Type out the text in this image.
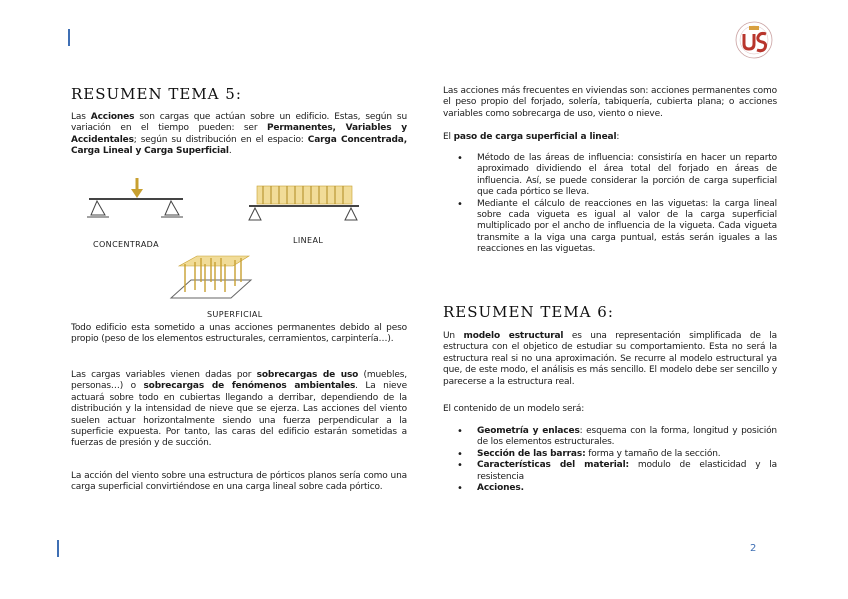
RESUMEN TEMA 5:

Las Acciones son cargas que actúan sobre un edificio. Estas, según su variación en el tiempo pueden: ser Permanentes, Variables y Accidentales; según su distribución en el espacio: Carga Concentrada, Carga Lineal y Carga Superficial.

CONCENTRADA	LINEAL
SUPERFICIAL

Todo edificio esta sometido a unas acciones permanentes debido al peso propio (peso de los elementos estructurales, cerramientos, carpintería…).

Las cargas variables vienen dadas por sobrecargas de uso (muebles, personas…) o sobrecargas de fenómenos ambientales. La nieve actuará sobre todo en cubiertas llegando a derribar, dependiendo de la distribución y la intensidad de nieve que se ejerza. Las acciones del viento suelen actuar horizontalmente siendo una fuerza perpendicular a la superficie expuesta. Por tanto, las caras del edificio estarán sometidas a fuerzas de presión y de succión.

La acción del viento sobre una estructura de pórticos planos sería como una carga superficial convirtiéndose en una carga lineal sobre cada pórtico.

Las acciones más frecuentes en viviendas son: acciones permanentes como el peso propio del forjado, solería, tabiquería, cubierta plana; o acciones variables como sobrecarga de uso, viento o nieve.

El paso de carga superficial a lineal:

• Método de las áreas de influencia: consistiría en hacer un reparto aproximado dividiendo el área total del forjado en áreas de influencia. Así, se puede considerar la porción de carga superficial que cada pórtico se lleva.
• Mediante el cálculo de reacciones en las viguetas: la carga lineal sobre cada vigueta es igual al valor de la carga superficial multiplicado por el ancho de influencia de la vigueta. Cada vigueta transmite a la viga una carga puntual, estás serán iguales a las reacciones en las viguetas.
RESUMEN TEMA 6:

Un modelo estructural es una representación simplificada de la estructura con el objetico de estudiar su comportamiento. Esta no será la estructura real si no una aproximación. Se recurre al modelo estructural ya que, de este modo, el análisis es más sencillo. El modelo debe ser sencillo y parecerse a la estructura real.

El contenido de un modelo será:

• Geometría y enlaces: esquema con la forma, longitud y posición de los elementos estructurales.
• Sección de las barras: forma y tamaño de la sección.
• Características del material: modulo de elasticidad y la resistencia
• Acciones.
2
